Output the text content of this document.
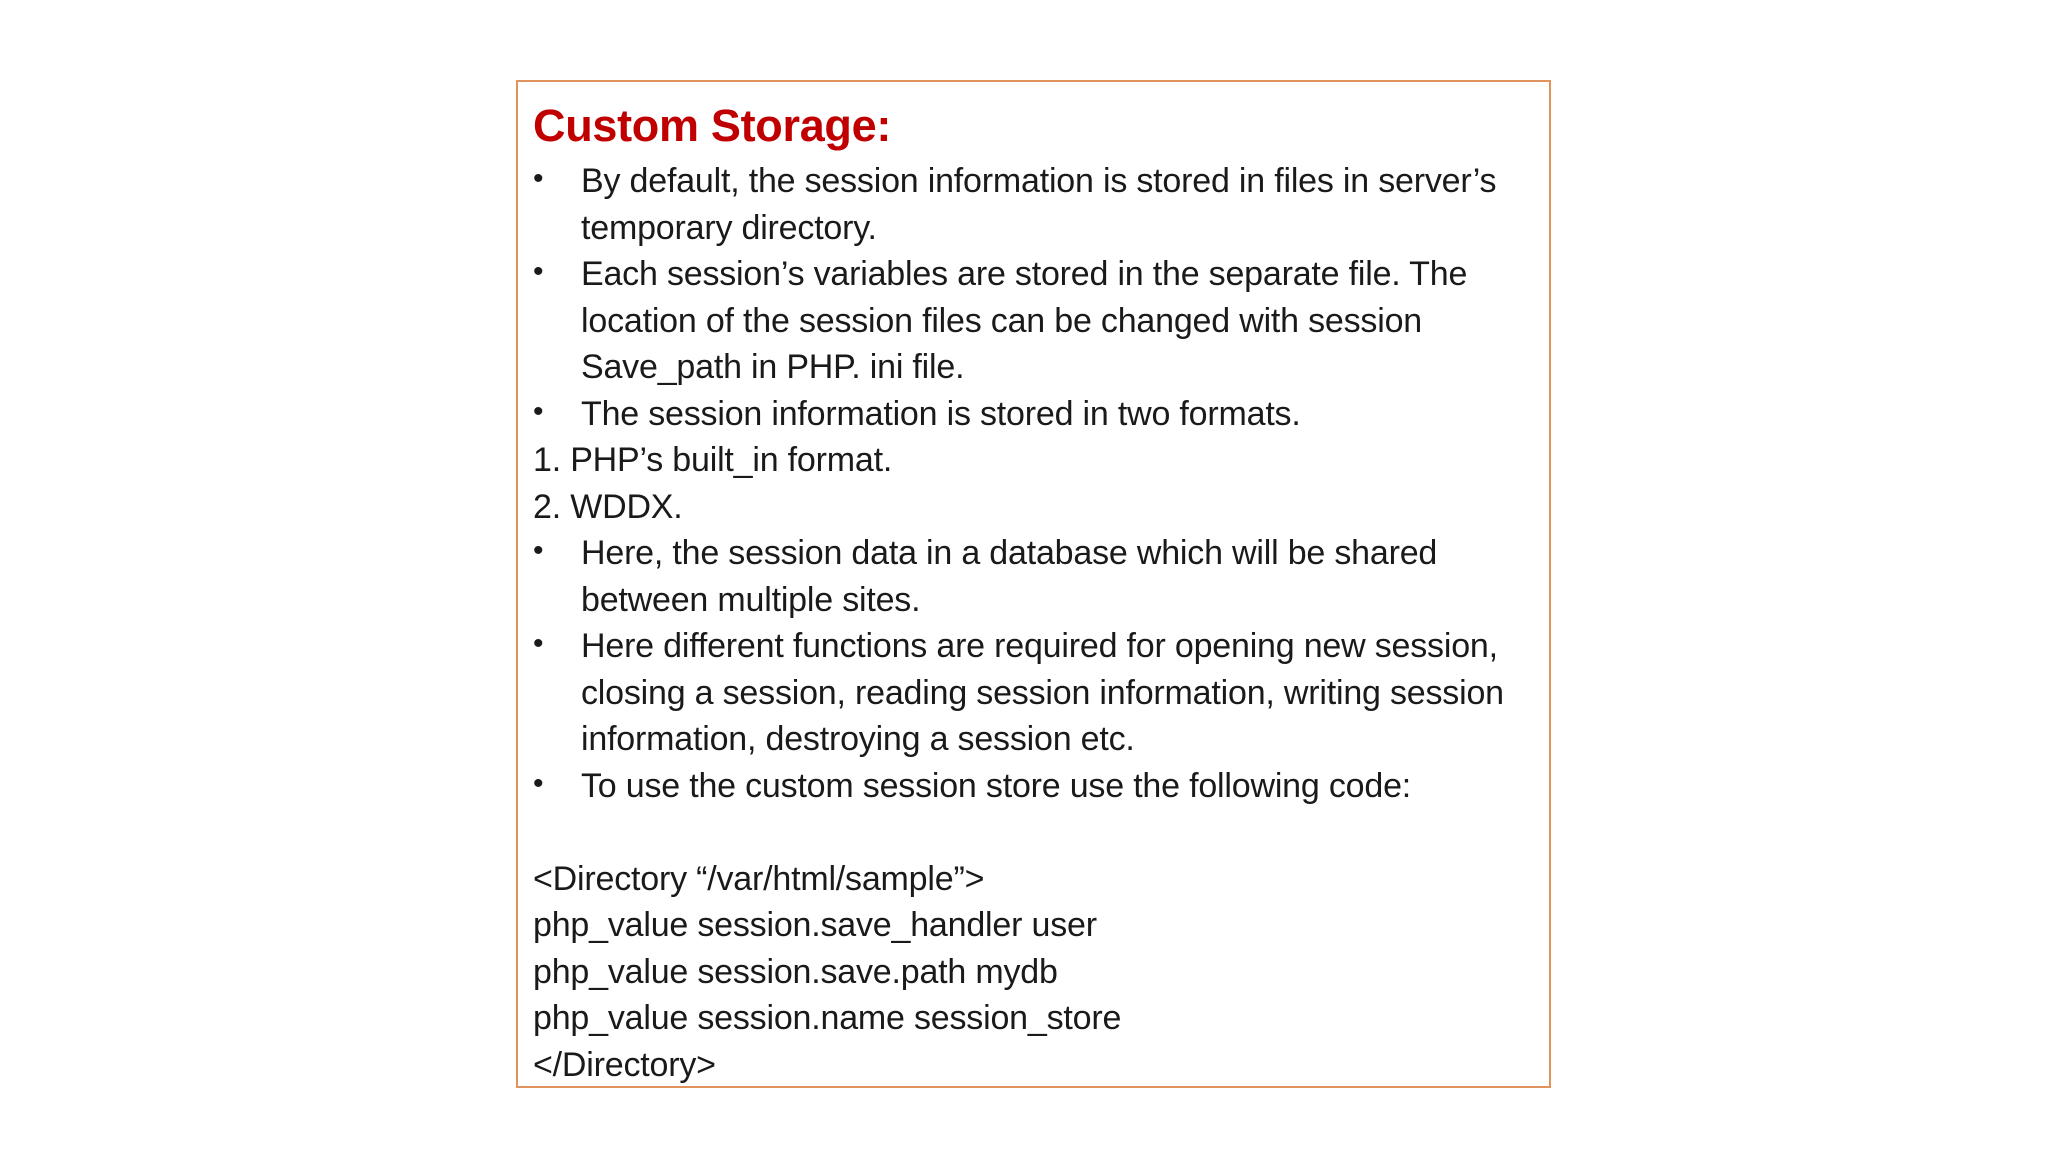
Custom Storage:
• By default, the session information is stored in files in server’s temporary directory.
• Each session’s variables are stored in the separate file. The location of the session files can be changed with session Save_path in PHP. ini file.
• The session information is stored in two formats.
1. PHP’s built_in format.
2. WDDX.
• Here, the session data in a database which will be shared between multiple sites.
• Here different functions are required for opening new session, closing a session, reading session information, writing session information, destroying a session etc.
• To use the custom session store use the following code:
<Directory “/var/html/sample”>
php_value session.save_handler user
php_value session.save.path mydb
php_value session.name session_store
</Directory>
